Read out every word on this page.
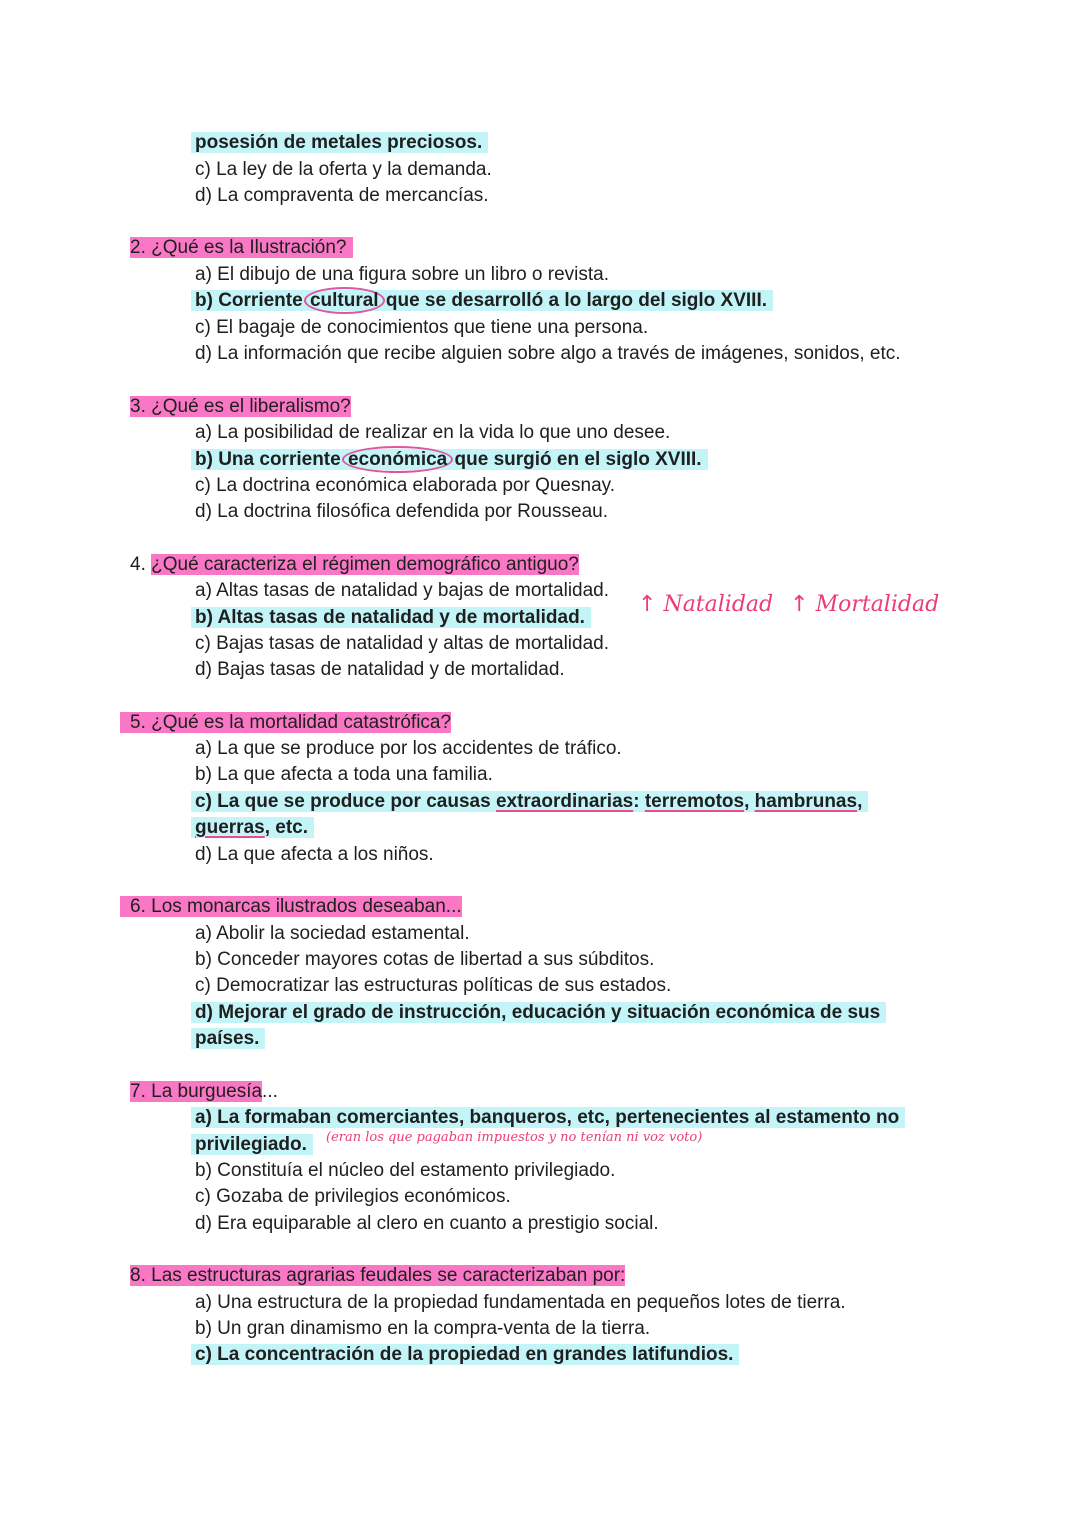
posesión de metales preciosos.
c) La ley de la oferta y la demanda.
d) La compraventa de mercancías.
2. ¿Qué es la Ilustración?
a) El dibujo de una figura sobre un libro o revista.
b) Corriente cultural que se desarrolló a lo largo del siglo XVIII.
c) El bagaje de conocimientos que tiene una persona.
d) La información que recibe alguien sobre algo a través de imágenes, sonidos, etc.
3. ¿Qué es el liberalismo?
a) La posibilidad de realizar en la vida lo que uno desee.
b) Una corriente económica que surgió en el siglo XVIII.
c) La doctrina económica elaborada por Quesnay.
d) La doctrina filosófica defendida por Rousseau.
4. ¿Qué caracteriza el régimen demográfico antiguo?
a) Altas tasas de natalidad y bajas de mortalidad.
b) Altas tasas de natalidad y de mortalidad.
c) Bajas tasas de natalidad y altas de mortalidad.
d) Bajas tasas de natalidad y de mortalidad.
↑ Natalidad ↑ Mortalidad
5. ¿Qué es la mortalidad catastrófica?
a) La que se produce por los accidentes de tráfico.
b) La que afecta a toda una familia.
c) La que se produce por causas extraordinarias: terremotos, hambrunas,
guerras, etc.
d) La que afecta a los niños.
6. Los monarcas ilustrados deseaban...
a) Abolir la sociedad estamental.
b) Conceder mayores cotas de libertad a sus súbditos.
c) Democratizar las estructuras políticas de sus estados.
d) Mejorar el grado de instrucción, educación y situación económica de sus
países.
7. La burguesía...
a) La formaban comerciantes, banqueros, etc, pertenecientes al estamento no
privilegiado.	(eran los que pagaban impuestos y no tenían ni voz voto)
b) Constituía el núcleo del estamento privilegiado.
c) Gozaba de privilegios económicos.
d) Era equiparable al clero en cuanto a prestigio social.
8. Las estructuras agrarias feudales se caracterizaban por:
a) Una estructura de la propiedad fundamentada en pequeños lotes de tierra.
b) Un gran dinamismo en la compra-venta de la tierra.
c) La concentración de la propiedad en grandes latifundios.
